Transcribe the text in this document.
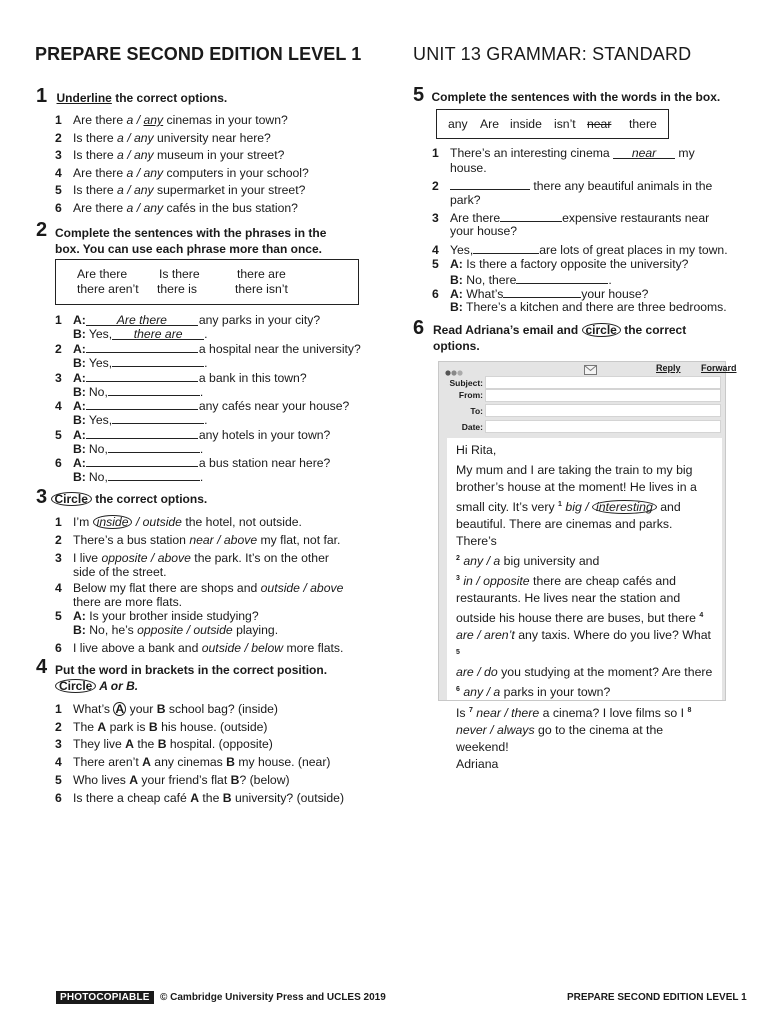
PREPARE SECOND EDITION LEVEL 1	UNIT 13 GRAMMAR: STANDARD
1 Underline the correct options.
1 Are there a / any cinemas in your town?
2 Is there a / any university near here?
3 Is there a / any museum in your street?
4 Are there a / any computers in your school?
5 Is there a / any supermarket in your street?
6 Are there a / any cafés in the bus station?
2 Complete the sentences with the phrases in the
box. You can use each phrase more than once.
Are there	Is there	there are
there aren’t there is	there isn’t
1 A:	Are there	any parks in your city?
B: Yes, there are .
2 A:	a hospital near the university?
B: Yes,	.
3 A:	a bank in this town?
B: No,	.
4 A:	any cafés near your house?
B: Yes,	.
5 A:	any hotels in your town?
B: No,	.
6 A:	a bus station near here?
B: No,	.
3 Circle the correct options.
1 I’m inside / outside the hotel, not outside.
2 There’s a bus station near / above my flat, not far.
3 I live opposite / above the park. It’s on the other
side of the street.
4 Below my flat there are shops and outside / above
there are more flats.
5 A: Is your brother inside studying?
B: No, he’s opposite / outside playing.
6 I live above a bank and outside / below more flats.
4 Put the word in brackets in the correct position.
Circle A or B.
1 What’s A your B school bag? (inside)
2 The A park is B his house. (outside)
3 They live A the B hospital. (opposite)
4 There aren’t A any cinemas B my house. (near)
5 Who lives A your friend’s flat B? (below)
6 Is there a cheap café A the B university? (outside)
5 Complete the sentences with the words in the box.
any Are inside isn’t near there
1 There’s an interesting cinema near my
house.
2	there any beautiful animals in the
park?
3 Are there	expensive restaurants near
your house?
4 Yes,	are lots of great places in my town.
5 A: Is there a factory opposite the university?
B: No, there	.
6 A: What’s	your house?
B: There’s a kitchen and there are three bedrooms.
6 Read Adriana’s email and circle the correct
options.
Reply Forward
Subject:
From:
To:
Date:
Hi Rita,
My mum and I are taking the train to my big
brother’s house at the moment! He lives in a
small city. It’s very $^1$ big / interesting and
beautiful. There are cinemas and parks. There’s
$^2$ any / a big university and
$^3$ in / opposite there are cheap cafés and
restaurants. He lives near the station and
outside his house there are buses, but there $^4$
are / aren’t any taxis. Where do you live? What $^5$
are / do you studying at the moment? Are there
$^6$ any / a parks in your town?
Is $^7$ near / there a cinema? I love films so I $^8$
never / always go to the cinema at the weekend!
Adriana
PHOTOCOPIABLE	© Cambridge University Press and UCLES 2019	PREPARE SECOND EDITION LEVEL 1
